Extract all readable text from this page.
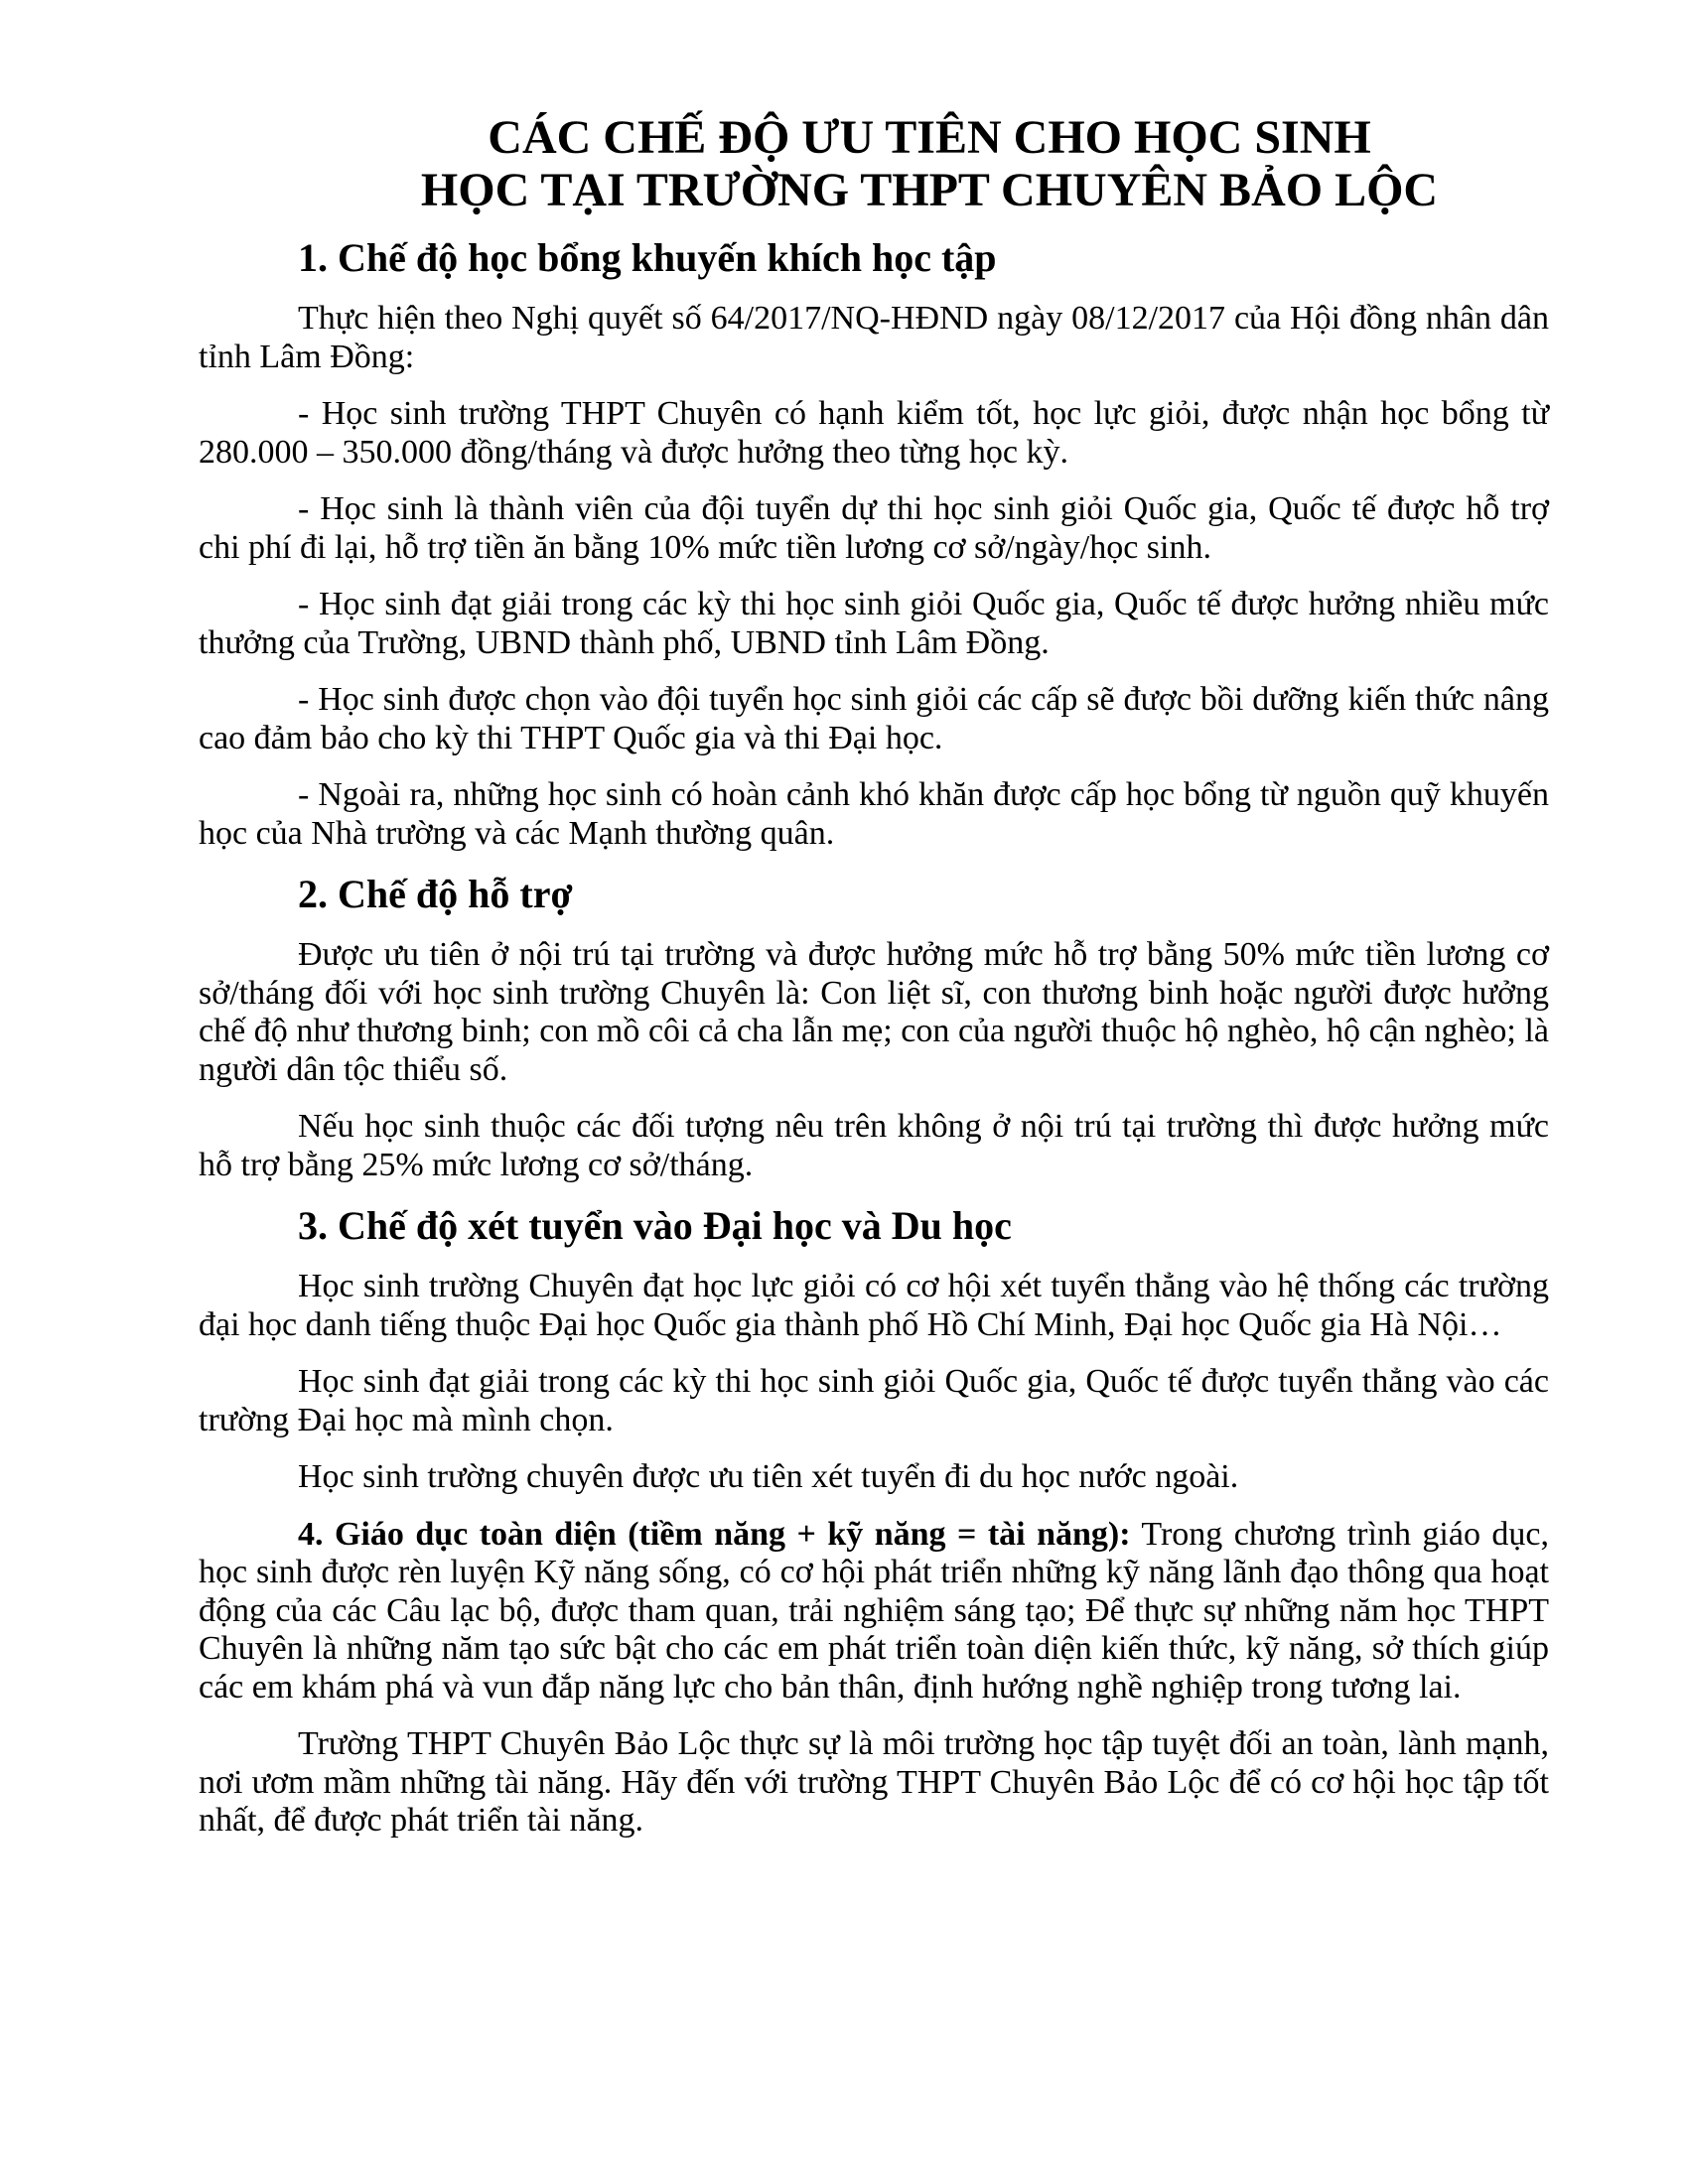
CÁC CHẾ ĐỘ ƯU TIÊN CHO HỌC SINH
HỌC TẠI TRƯỜNG THPT CHUYÊN BẢO LỘC
1. Chế độ học bổng khuyến khích học tập

Thực hiện theo Nghị quyết số 64/2017/NQ-HĐND ngày 08/12/2017 của Hội đồng nhân dân tỉnh Lâm Đồng:

- Học sinh trường THPT Chuyên có hạnh kiểm tốt, học lực giỏi, được nhận học bổng từ 280.000 – 350.000 đồng/tháng và được hưởng theo từng học kỳ.

- Học sinh là thành viên của đội tuyển dự thi học sinh giỏi Quốc gia, Quốc tế được hỗ trợ chi phí đi lại, hỗ trợ tiền ăn bằng 10% mức tiền lương cơ sở/ngày/học sinh.

- Học sinh đạt giải trong các kỳ thi học sinh giỏi Quốc gia, Quốc tế được hưởng nhiều mức thưởng của Trường, UBND thành phố, UBND tỉnh Lâm Đồng.

- Học sinh được chọn vào đội tuyển học sinh giỏi các cấp sẽ được bồi dưỡng kiến thức nâng cao đảm bảo cho kỳ thi THPT Quốc gia và thi Đại học.

- Ngoài ra, những học sinh có hoàn cảnh khó khăn được cấp học bổng từ nguồn quỹ khuyến học của Nhà trường và các Mạnh thường quân.

2. Chế độ hỗ trợ

Được ưu tiên ở nội trú tại trường và được hưởng mức hỗ trợ bằng 50% mức tiền lương cơ sở/tháng đối với học sinh trường Chuyên là: Con liệt sĩ, con thương binh hoặc người được hưởng chế độ như thương binh; con mồ côi cả cha lẫn mẹ; con của người thuộc hộ nghèo, hộ cận nghèo; là người dân tộc thiểu số.

Nếu học sinh thuộc các đối tượng nêu trên không ở nội trú tại trường thì được hưởng mức hỗ trợ bằng 25% mức lương cơ sở/tháng.

3. Chế độ xét tuyển vào Đại học và Du học

Học sinh trường Chuyên đạt học lực giỏi có cơ hội xét tuyển thẳng vào hệ thống các trường đại học danh tiếng thuộc Đại học Quốc gia thành phố Hồ Chí Minh, Đại học Quốc gia Hà Nội…

Học sinh đạt giải trong các kỳ thi học sinh giỏi Quốc gia, Quốc tế được tuyển thẳng vào các trường Đại học mà mình chọn.

Học sinh trường chuyên được ưu tiên xét tuyển đi du học nước ngoài.

4. Giáo dục toàn diện (tiềm năng + kỹ năng = tài năng): Trong chương trình giáo dục, học sinh được rèn luyện Kỹ năng sống, có cơ hội phát triển những kỹ năng lãnh đạo thông qua hoạt động của các Câu lạc bộ, được tham quan, trải nghiệm sáng tạo; Để thực sự những năm học THPT Chuyên là những năm tạo sức bật cho các em phát triển toàn diện kiến thức, kỹ năng, sở thích giúp các em khám phá và vun đắp năng lực cho bản thân, định hướng nghề nghiệp trong tương lai.

Trường THPT Chuyên Bảo Lộc thực sự là môi trường học tập tuyệt đối an toàn, lành mạnh, nơi ươm mầm những tài năng. Hãy đến với trường THPT Chuyên Bảo Lộc để có cơ hội học tập tốt nhất, để được phát triển tài năng.
